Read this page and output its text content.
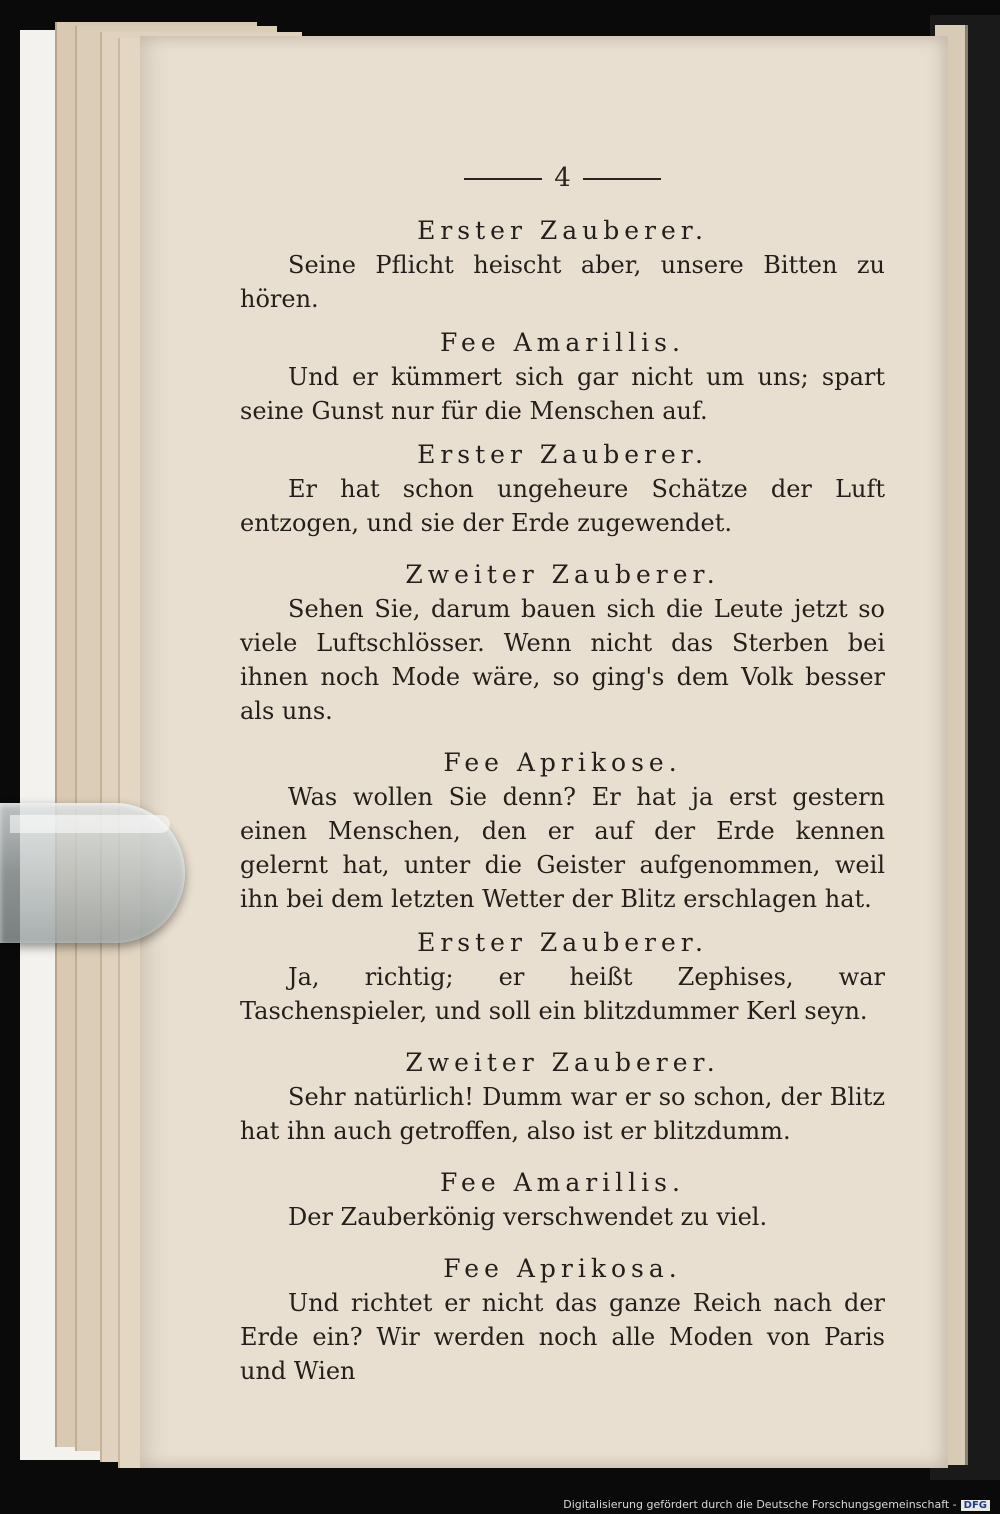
4
Erster Zauberer.

Seine Pflicht heischt aber, unsere Bitten zu hören.

Fee Amarillis.

Und er kümmert sich gar nicht um uns; spart seine Gunst nur für die Menschen auf.

Erster Zauberer.

Er hat schon ungeheure Schätze der Luft entzogen, und sie der Erde zugewendet.

Zweiter Zauberer.

Sehen Sie, darum bauen sich die Leute jetzt so viele Luftschlösser. Wenn nicht das Sterben bei ihnen noch Mode wäre, so ging's dem Volk besser als uns.

Fee Aprikose.

Was wollen Sie denn? Er hat ja erst gestern einen Menschen, den er auf der Erde kennen gelernt hat, unter die Geister aufgenommen, weil ihn bei dem letzten Wetter der Blitz erschlagen hat.

Erster Zauberer.

Ja, richtig; er heißt Zephises, war Taschenspieler, und soll ein blitzdummer Kerl seyn.

Zweiter Zauberer.

Sehr natürlich! Dumm war er so schon, der Blitz hat ihn auch getroffen, also ist er blitzdumm.

Fee Amarillis.

Der Zauberkönig verschwendet zu viel.

Fee Aprikosa.

Und richtet er nicht das ganze Reich nach der Erde ein? Wir werden noch alle Moden von Paris und Wien

Digitalisierung gefördert durch die Deutsche Forschungsgemeinschaft - DFG
